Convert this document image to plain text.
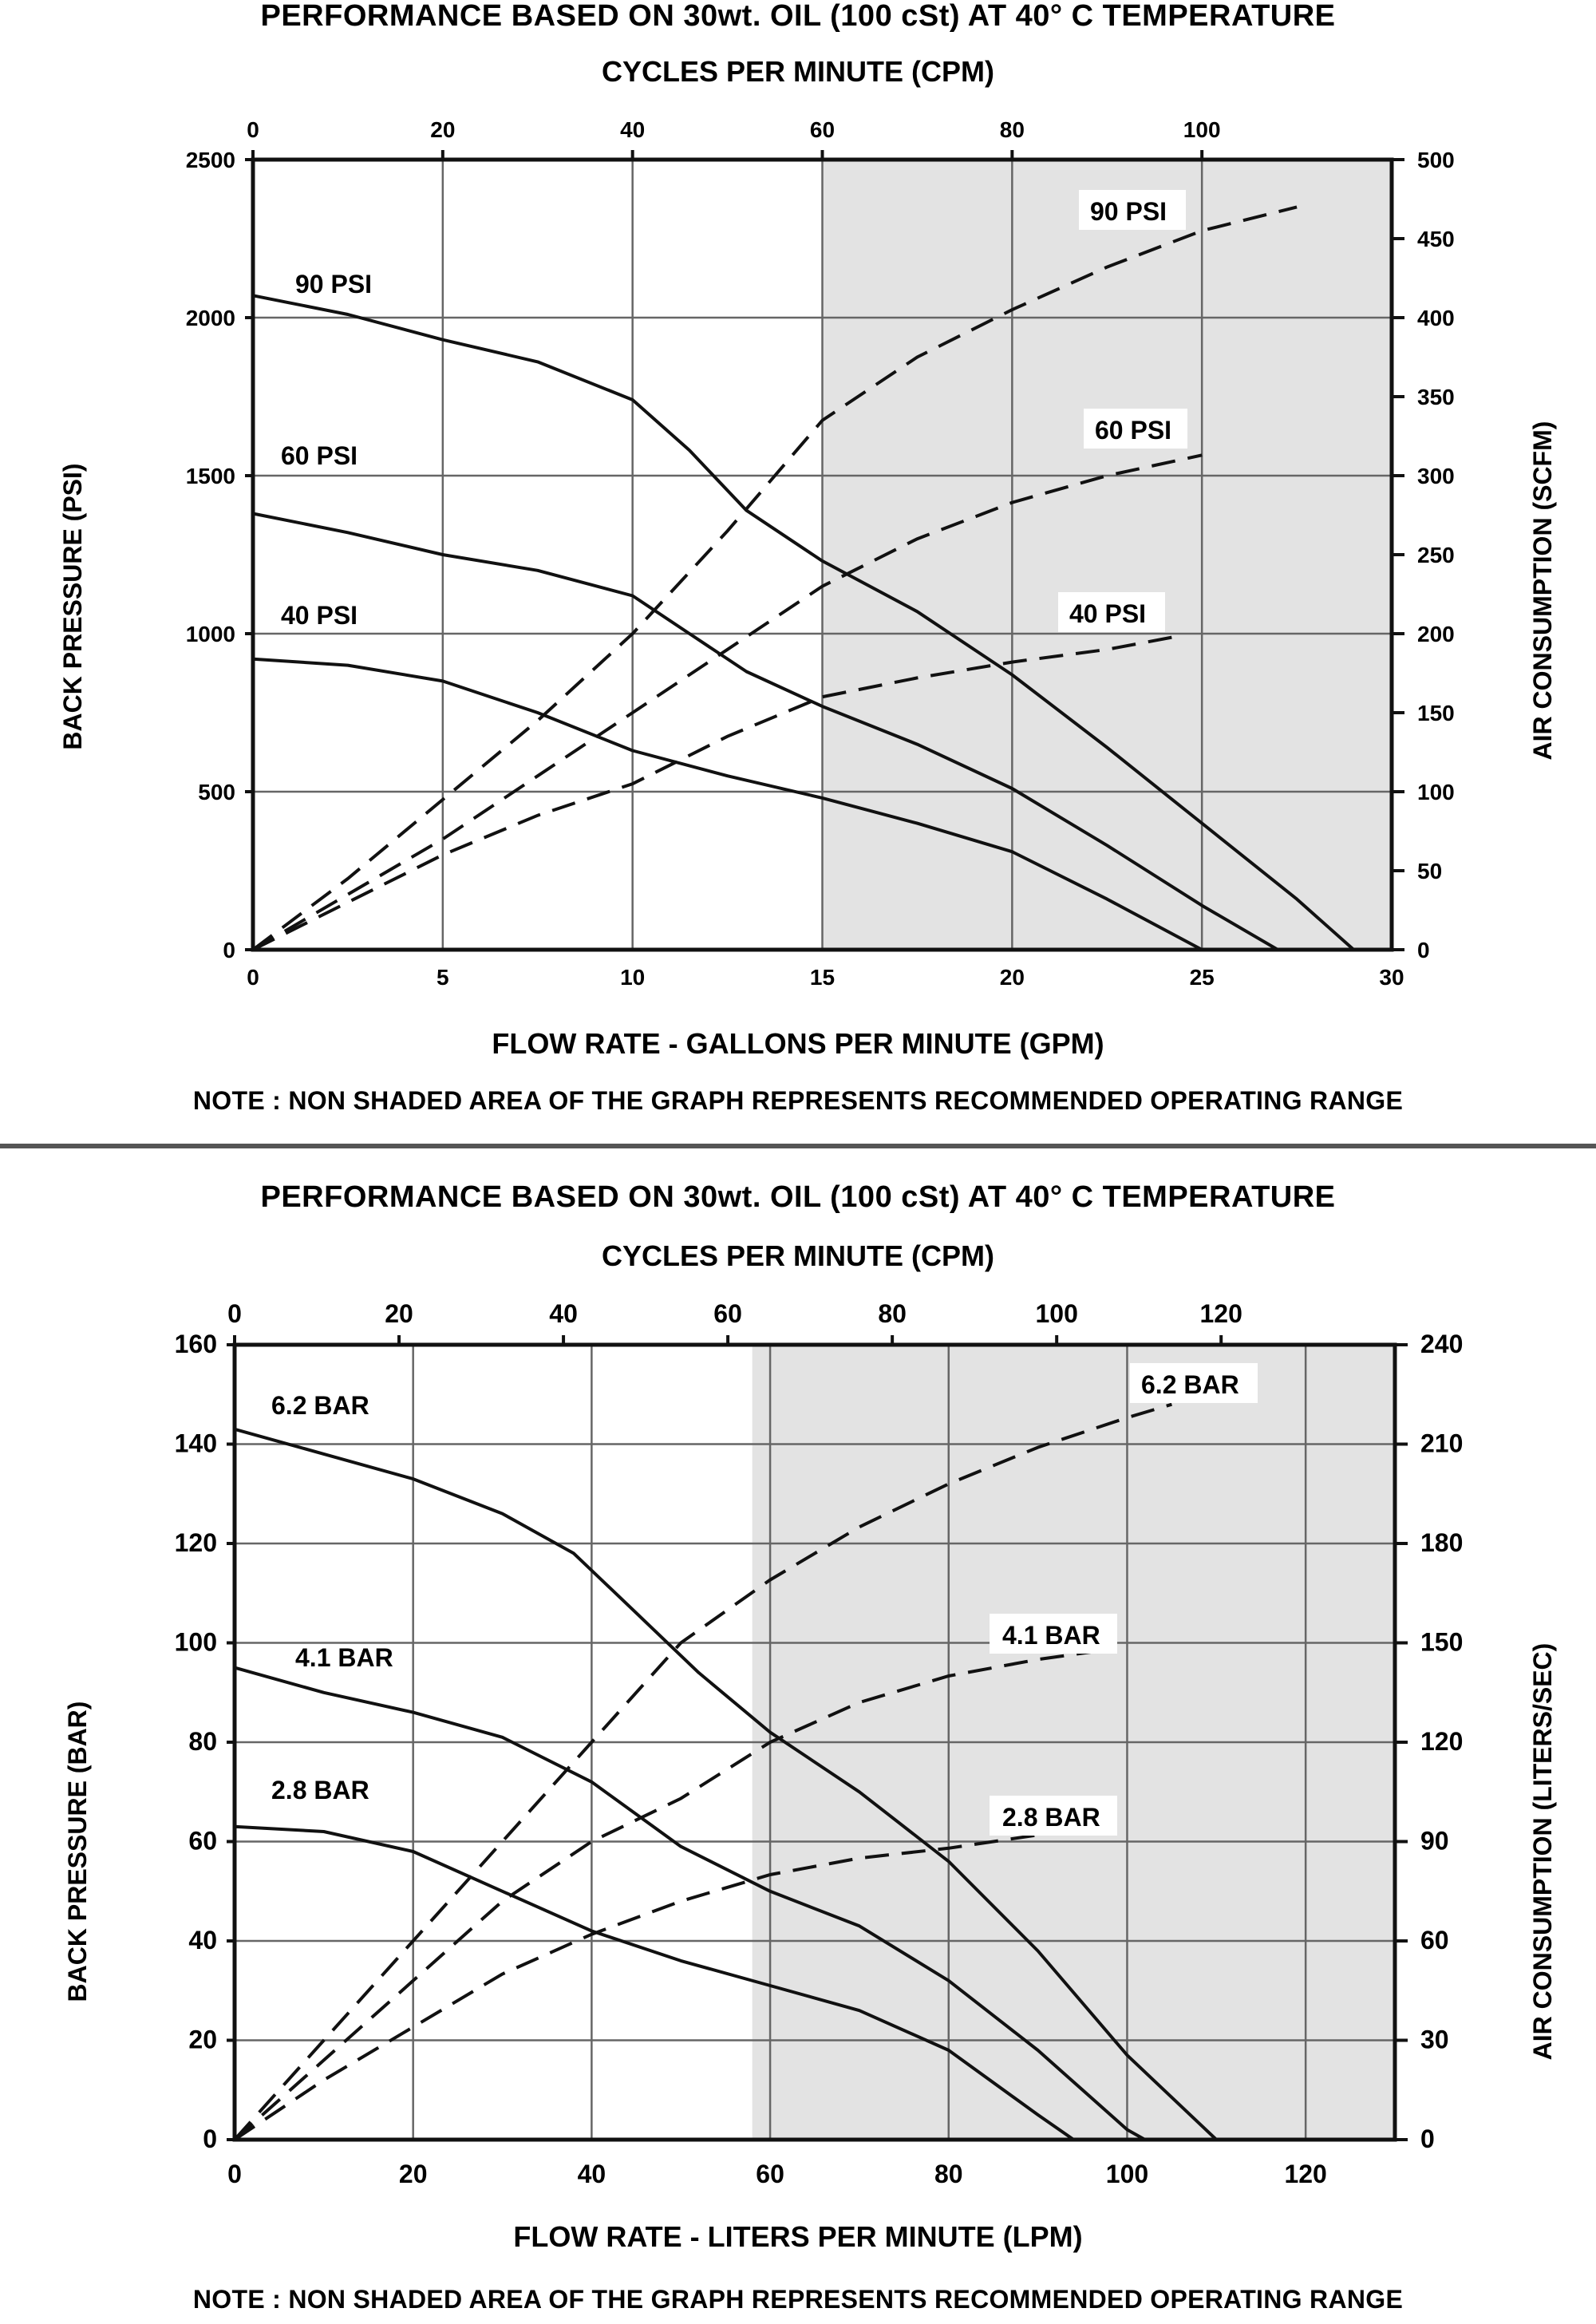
PERFORMANCE BASED ON 30wt. OIL (100 cSt) AT 40° C TEMPERATURE
CYCLES PER MINUTE (CPM)
0	5	10	15	20	25	30
0
500
1000
1500
2000
2500
0
50
100
150
200
250
300
350
400
450
500
0	20	40	60	80	100
90 PSI
60 PSI
40 PSI
90 PSI
60 PSI
40 PSI
BACK PRESSURE (PSI)	AIR CONSUMPTION (SCFM)
FLOW RATE - GALLONS PER MINUTE (GPM)
NOTE : NON SHADED AREA OF THE GRAPH REPRESENTS RECOMMENDED OPERATING RANGE
PERFORMANCE BASED ON 30wt. OIL (100 cSt) AT 40° C TEMPERATURE
CYCLES PER MINUTE (CPM)
0	20	40	60	80	100	120
0
20
40
60
80
100
120
140
160
0
30
60
90
120
150
180
210
240
0	20	40	60	80	100	120
6.2 BAR
4.1 BAR
2.8 BAR
6.2 BAR
4.1 BAR
2.8 BAR
BACK PRESSURE (BAR)	AIR CONSUMPTION (LITERS/SEC)
FLOW RATE - LITERS PER MINUTE (LPM)
NOTE : NON SHADED AREA OF THE GRAPH REPRESENTS RECOMMENDED OPERATING RANGE
